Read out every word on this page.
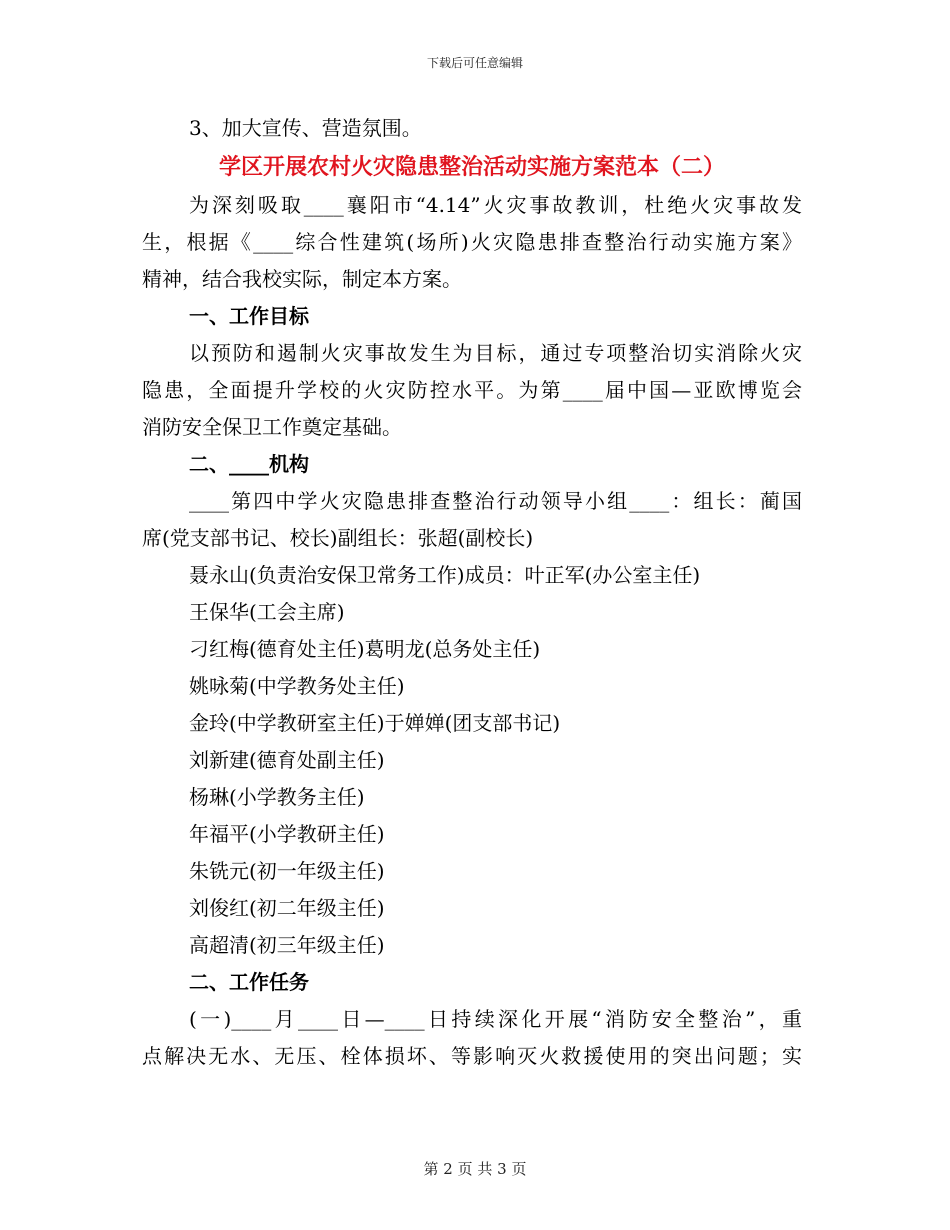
下载后可任意编辑

3、加大宣传、营造氛围。

学区开展农村火灾隐患整治活动实施方案范本（二）

为深刻吸取____襄阳市“4.14”火灾事故教训，杜绝火灾事故发

生，根据《____综合性建筑(场所)火灾隐患排查整治行动实施方案》

精神，结合我校实际，制定本方案。

一、工作目标

以预防和遏制火灾事故发生为目标，通过专项整治切实消除火灾

隐患，全面提升学校的火灾防控水平。为第____届中国—亚欧博览会

消防安全保卫工作奠定基础。

二、____机构

____第四中学火灾隐患排查整治行动领导小组____：组长：蔺国

席(党支部书记、校长)副组长：张超(副校长)

聂永山(负责治安保卫常务工作)成员：叶正军(办公室主任)

王保华(工会主席)

刁红梅(德育处主任)葛明龙(总务处主任)

姚咏菊(中学教务处主任)

金玲(中学教研室主任)于婵婵(团支部书记)

刘新建(德育处副主任)

杨琳(小学教务主任)

年福平(小学教研主任)

朱铣元(初一年级主任)

刘俊红(初二年级主任)

高超清(初三年级主任)

二、工作任务

(一)____月____日—____日持续深化开展“消防安全整治”，重

点解决无水、无压、栓体损坏、等影响灭火救援使用的突出问题；实

第 2 页 共 3 页
